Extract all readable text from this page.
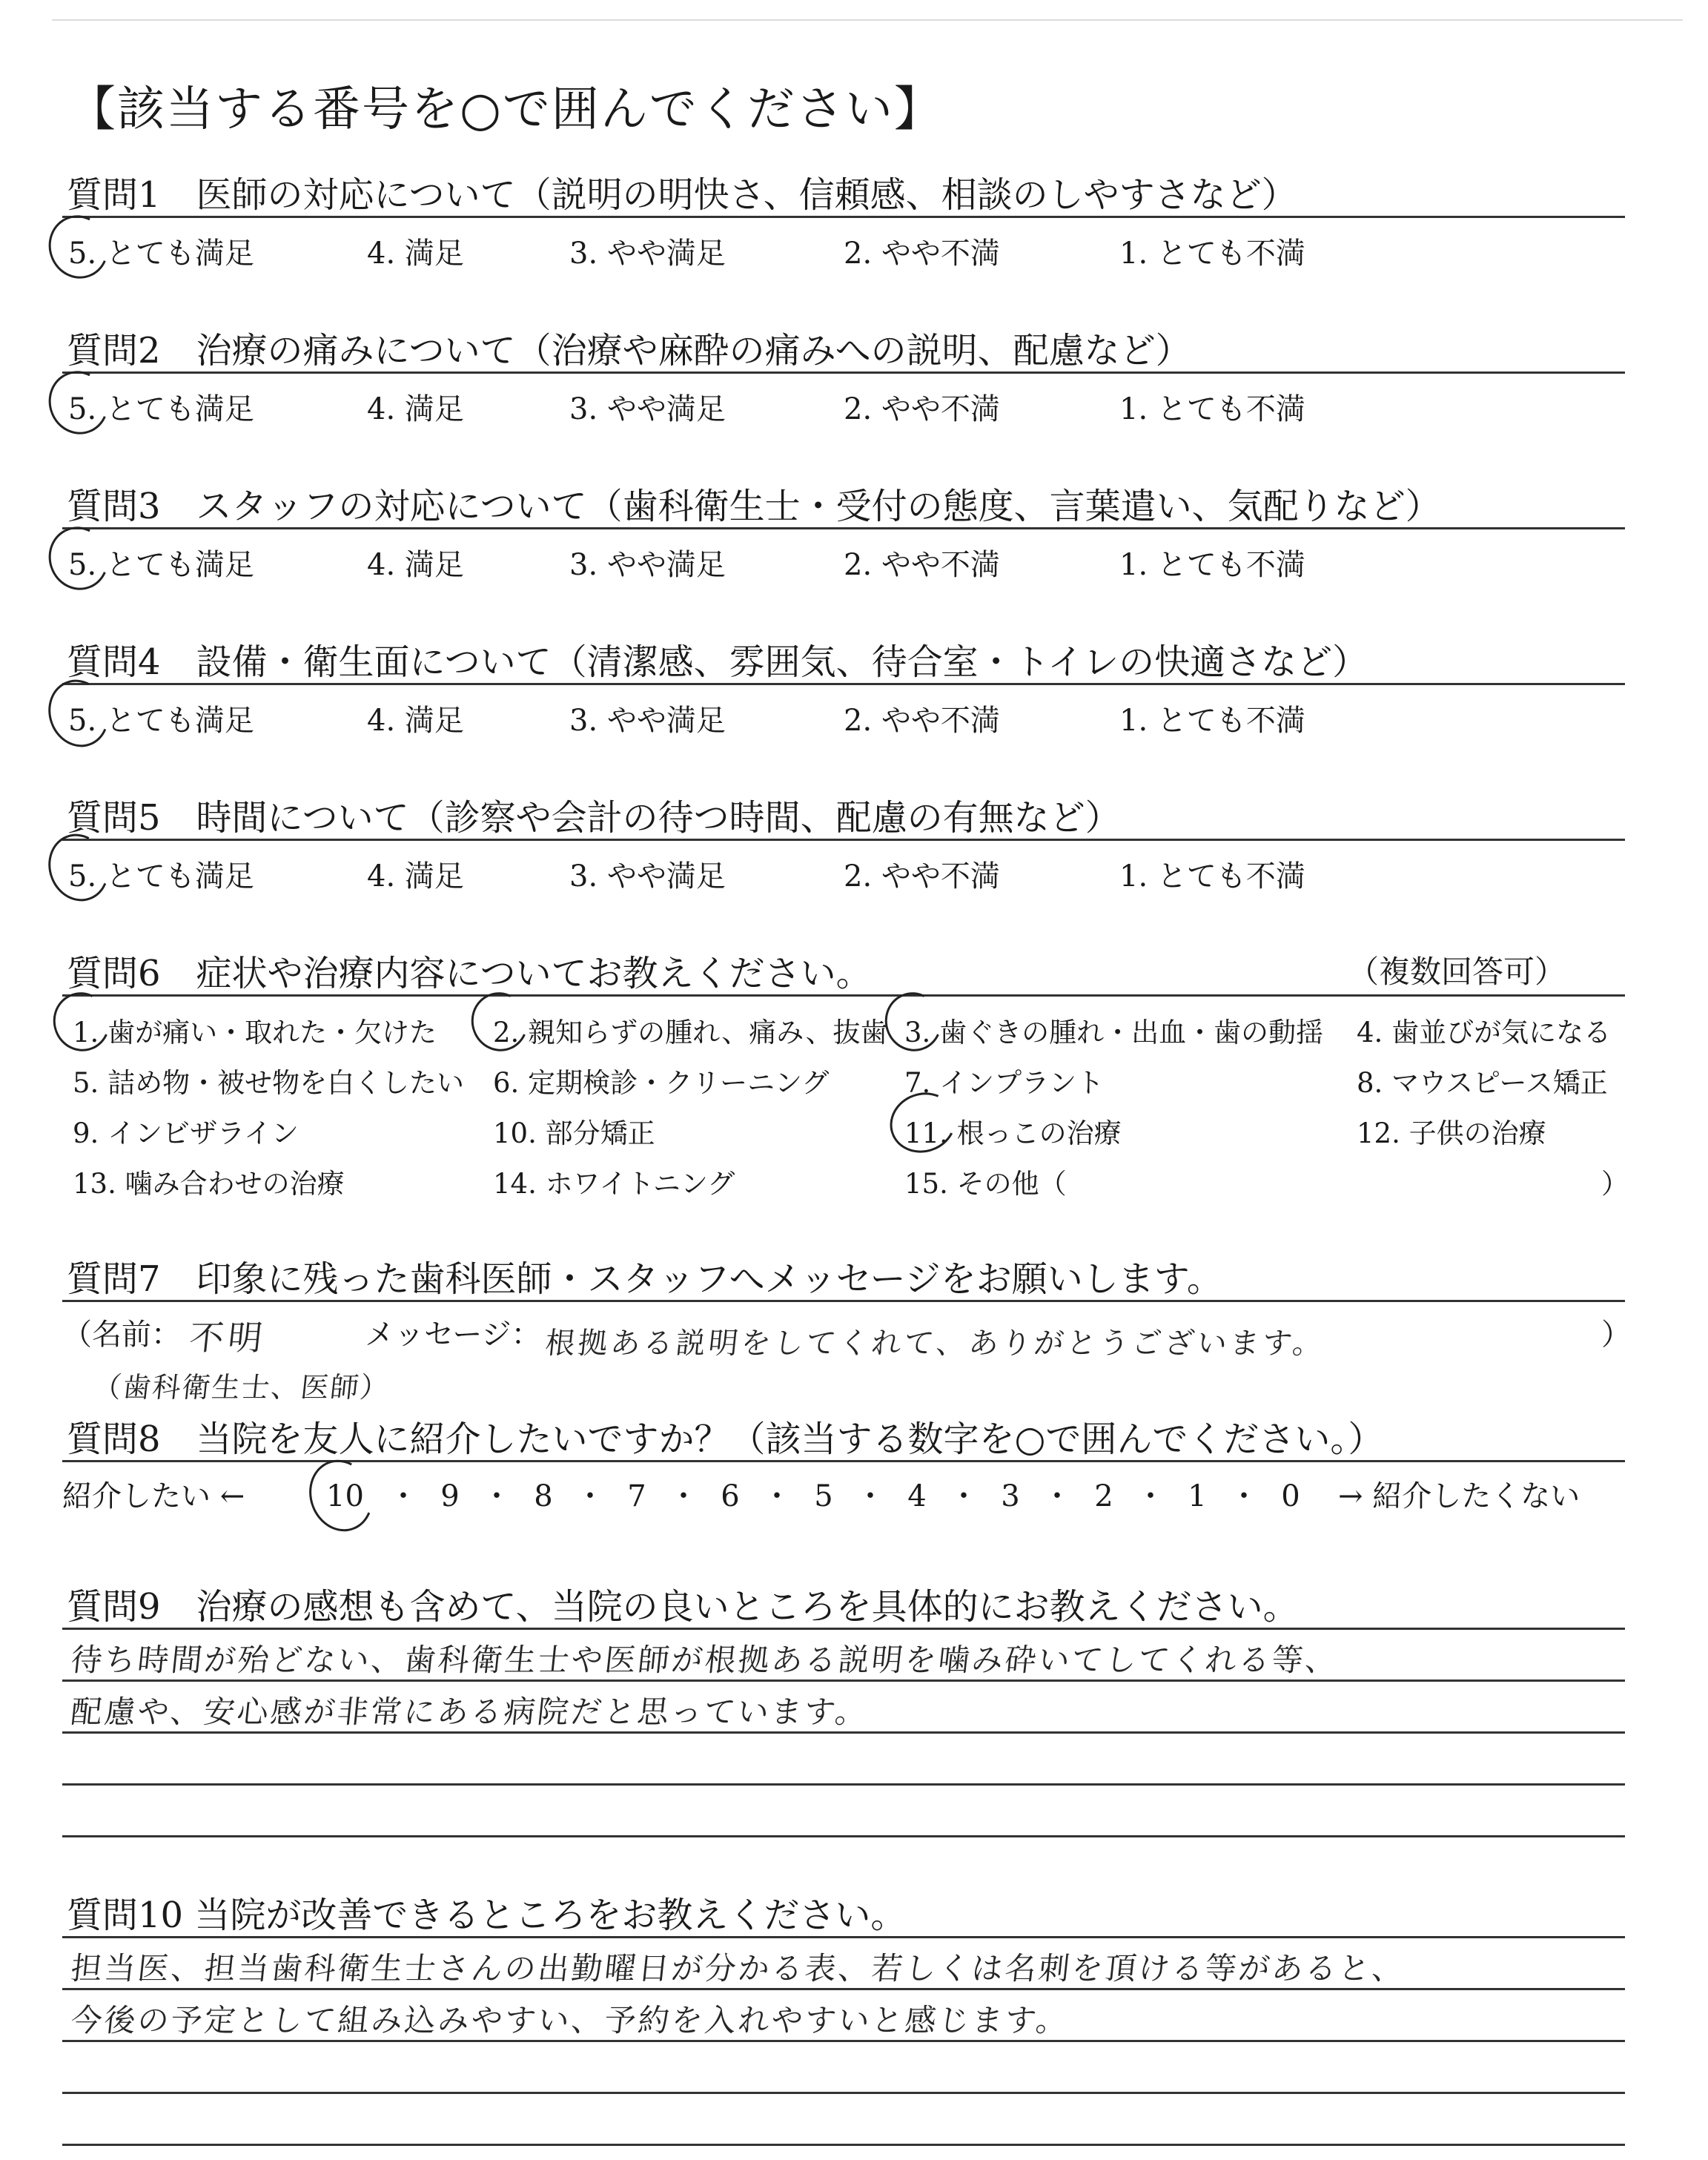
【該当する番号を○で囲んでください】
質問1　医師の対応について（説明の明快さ、信頼感、相談のしやすさなど）
5. とても満足	4. 満足	3. やや満足	2. やや不満	1. とても不満
質問2　治療の痛みについて（治療や麻酔の痛みへの説明、配慮など）
5. とても満足	4. 満足	3. やや満足	2. やや不満	1. とても不満
質問3　スタッフの対応について（歯科衛生士・受付の態度、言葉遣い、気配りなど）
5. とても満足	4. 満足	3. やや満足	2. やや不満	1. とても不満
質問4　設備・衛生面について（清潔感、雰囲気、待合室・トイレの快適さなど）
5. とても満足	4. 満足	3. やや満足	2. やや不満	1. とても不満
質問5　時間について（診察や会計の待つ時間、配慮の有無など）
5. とても満足	4. 満足	3. やや満足	2. やや不満	1. とても不満
質問6　症状や治療内容についてお教えください。	（複数回答可）
1. 歯が痛い・取れた・欠けた 2. 親知らずの腫れ、痛み、抜歯 3. 歯ぐきの腫れ・出血・歯の動揺 4. 歯並びが気になる
5. 詰め物・被せ物を白くしたい 6. 定期検診・クリーニング	7. インプラント	8. マウスピース矯正
9. インビザライン	10. 部分矯正	11. 根っこの治療	12. 子供の治療
13. 噛み合わせの治療	14. ホワイトニング	15. その他（	）
質問7　印象に残った歯科医師・スタッフへメッセージをお願いします。
（名前： 不明	メッセージ： 根拠ある説明をしてくれて、ありがとうございます。	）
（歯科衛生士、医師）
質問8　当院を友人に紹介したいですか？（該当する数字を○で囲んでください。）
紹介したい ←	10 ・ 9 ・ 8 ・ 7 ・ 6 ・ 5 ・ 4 ・ 3 ・ 2 ・ 1 ・ 0	→ 紹介したくない
質問9　治療の感想も含めて、当院の良いところを具体的にお教えください。
待ち時間が殆どない、歯科衛生士や医師が根拠ある説明を噛み砕いてしてくれる等、
配慮や、安心感が非常にある病院だと思っています。
質問10 当院が改善できるところをお教えください。
担当医、担当歯科衛生士さんの出勤曜日が分かる表、若しくは名刺を頂ける等があると、
今後の予定として組み込みやすい、予約を入れやすいと感じます。
